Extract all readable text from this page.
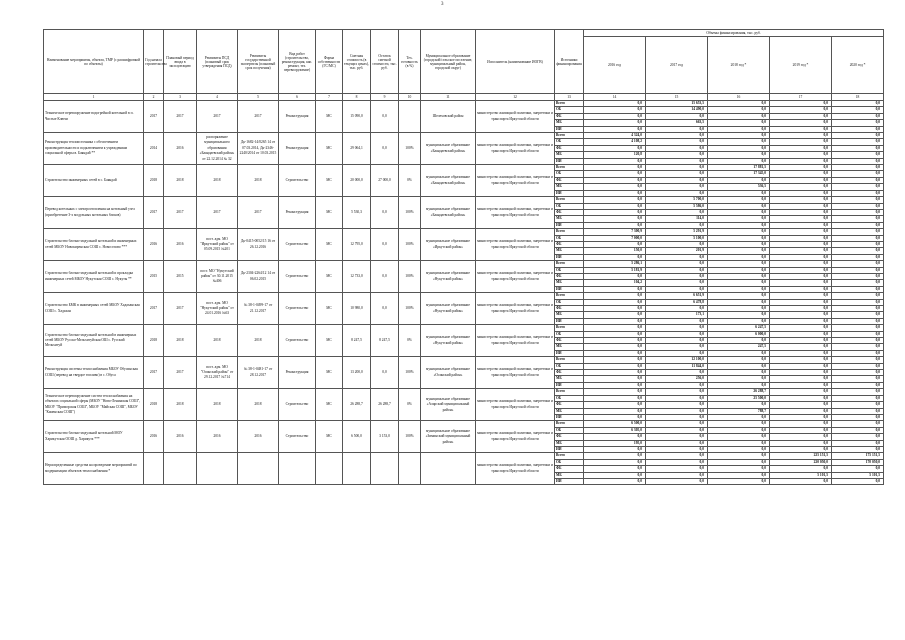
3
Наименование мероприятия, объекта, ТМР (с расшифровкой по объекты)	Год начала строительства	Плановый период ввода в эксплуатацию	Реквизиты ПСД (плановый срок утверждения ПСД)	Реквизиты государственной экспертизы (плановый срок получения)	Вид работ (строительство, реконструкция, кап. ремонт, тех. перевооружение)	Форма собственности (ГС/МС)	Сметная стоимость (в текущих ценах), тыс. руб.	Остаток сметной стоимости, тыс. руб.	Тех. готовность (в %)	Муниципальное образование (городской/сельское поселение, муниципальный район, городской округ)	Исполнитель (наименование ИОГВ)	Источники финансирования	Объемы финансирования, тыс. руб.				
													2016 год	2017 год	2018 год *	2019 год *	2020 год *
1	2	3	4	5	6	7	8	9	10	11	12	13	14	15	16	17	18
Техническое перевооружение водогрейной котельной в п. Чистые Ключи	2017	2017	2017	2017	Реконструкция	МС	15 090,0	0,0		Шелеховский район	министерство жилищной политики, энергетики и транспорта Иркутской области	Всего	0,0	15 653,5	0,0	0,0	0,0
												ОБ	0,0	14 490,0	0,0	0,0	0,0
												ФБ	0,0	0,0	0,0	0,0	0,0
												МБ	0,0	663,5	0,0	0,0	0,0
												ИИ	0,0	0,0	0,0	0,0	0,0
Реконструкция теплоисточника с обеспечением производительности и подключением к учреждениям социальной сферы в. Баяндай **	2014	2016	распоряжение муниципального образования «Баяндаевский район» от 22.12.2014 № 32	Дк-1682-14/0265 14 от 07.03.2014, Дк-2346-2240/2014 от 10.03.2015	Реконструкция	МС	29 064,1	0,0	100%	муниципальное образование «Баяндаевский район»	министерство жилищной политики, энергетики и транспорта Иркутской области	Всего	4 324,0	0,0	0,0	0,0	0,0
												ОБ	4 108,2	0,0	0,0	0,0	0,0
												ФБ	0,0	0,0	0,0	0,0	0,0
												МБ	120,8	0,0	0,0	0,0	0,0
												ИИ	0,0	0,0	0,0	0,0	0,0
Строительство инженерных сетей в с. Баяндай	2018	2018	2018	2018	Строительство	МС	20 000,0	27 000,0	0%	муниципальное образование «Баяндаевский район»	министерство жилищной политики, энергетики и транспорта Иркутской области	Всего	0,0	0,0	17 881,5	0,0	0,0
												ОБ	0,0	0,0	17 345,0	0,0	0,0
												ФБ	0,0	0,0	0,0	0,0	0,0
												МБ	0,0	0,0	536,5	0,0	0,0
												ИИ	0,0	0,0	0,0	0,0	0,0
Перевод котельных с электроотопления на котельный узел (приобретение 3-х модульных котельных блоков)	2017	2017	2017	2017	Реконструкция	МС	5 530,3	0,0	100%	муниципальное образование «Баяндаевский район»	министерство жилищной политики, энергетики и транспорта Иркутской области	Всего	0,0	5 700,0	0,0	0,0	0,0
												ОБ	0,0	5 586,0	0,0	0,0	0,0
												ФБ	0,0	0,0	0,0	0,0	0,0
												МБ	0,0	114,0	0,0	0,0	0,0
												ИИ	0,0	0,0	0,0	0,0	0,0
Строительство блочно-модульной котельной и инженерных сетей МБОУ Новокиренская СОШ с. Новоселово ***	2016	2016	пост. адм. МО "Иркутский район" от 05.09.2015 №201	Дк-0415-0052/15 16 от 26.12.2016	Строительство	МС	12 795,0	0,0	100%	муниципальное образование «Иркутский район»	министерство жилищной политики, энергетики и транспорта Иркутской области	Всего	7 300,9	5 291,9	0,0	0,0	0,0
												ОБ	7 000,0	5 100,0	0,0	0,0	0,0
												ФБ	0,0	0,0	0,0	0,0	0,0
												МБ	150,0	201,9	0,0	0,0	0,0
												ИИ	0,0	0,0	0,0	0,0	0,0
Строительство блочно-модульной котельной и прокладка инженерных сетей МБОУ Нукутская СОШ с. Нукуты **	2015	2015	пост. МО "Нукутский район" от 30.11.2015 №406	Дк-2304-2264/12 14 от 06.02.2015	Строительство	МС	12 733,0	0,0	100%	муниципальное образование «Нукутский район»	министерство жилищной политики, энергетики и транспорта Иркутской области	Всего	5 286,1	0,0	0,0	0,0	0,0
												ОБ	5 181,9	0,0	0,0	0,0	0,0
												ФБ	0,0	0,0	0,0	0,0	0,0
												МБ	104,2	0,0	0,0	0,0	0,0
												ИИ	0,0	0,0	0,0	0,0	0,0
Строительство БМК в инженерных сетей МБОУ Хадаханская СОШ с. Хадахан	2017	2017	пост. адм. МО "Нукутский район" от 24.01.2016 №63	№ 38-1-0499-17 от 21.12.2017	Строительство	МС	10 980,0	0,0	100%	муниципальное образование «Нукутский район»	министерство жилищной политики, энергетики и транспорта Иркутской области	Всего	0,0	6 651,9	0,0	0,0	0,0
												ОБ	0,0	6 478,8	0,0	0,0	0,0
												ФБ	0,0	0,0	0,0	0,0	0,0
												МБ	0,0	173,1	0,0	0,0	0,0
												ИИ	0,0	0,0	0,0	0,0	0,0
Строительство блочно-модульной котельной в инженерных сетей МБОУ Русско-Мельхитуйская ОШ с. Русский Мельхитуй	2018	2018	2018	2018	Строительство	МС	8 247,5	8 247,5	0%	муниципальное образование «Нукутский район»	министерство жилищной политики, энергетики и транспорта Иркутской области	Всего	0,0	0,0	6 247,5	0,0	0,0
												ОБ	0,0	0,0	6 000,0	0,0	0,0
												ФБ	0,0	0,0	0,0	0,0	0,0
												МБ	0,0	0,0	247,5	0,0	0,0
												ИИ	0,0	0,0	0,0	0,0	0,0
Реконструкция системы теплоснабжения МБОУ Обусинская СОШ (перевод на твердое топливо) в с. Обуса	2017	2017	пост. адм. МО "Осинский район" от 29.12.2017 №714	№ 38-1-0481-17 от 28.12.2017	Реконструкция	МС	13 200,0	0,0	100%	муниципальное образование «Осинский район»	министерство жилищной политики, энергетики и транспорта Иркутской области	Всего	0,0	12 100,0	0,0	0,0	0,0
												ОБ	0,0	11 844,0	0,0	0,0	0,0
												ФБ	0,0	0,0	0,0	0,0	0,0
												МБ	0,0	256,0	0,0	0,0	0,0
												ИИ	0,0	0,0	0,0	0,0	0,0
Техническое перевооружение систем теплоснабжения на объектах социальной сферы (МБОУ "Ново-Ленинская СОШ", МБОУ "Приморская СОШ", МБОУ "Майская СОШ", МБОУ "Каменская СОШ")	2018	2018	2018	2018	Строительство	МС	26 288,7	26 288,7	0%	муниципальное образование «Аларский муниципальный район»	министерство жилищной политики, энергетики и транспорта Иркутской области	Всего	0,0	0,0	26 288,7	0,0	0,0
												ОБ	0,0	0,0	25 500,0	0,0	0,0
												ФБ	0,0	0,0	0,0	0,0	0,0
												МБ	0,0	0,0	788,7	0,0	0,0
												ИИ	0,0	0,0	0,0	0,0	0,0
Строительство блочно-модульной котельной МОУ Харикутская ООШ д. Харикута ***	2016	2016	2016	2016	Строительство	МС	6 500,0	3 153,0	100%	муниципальное образование «Зиминский муниципальный район»	министерство жилищной политики, энергетики и транспорта Иркутской области	Всего	6 500,0	0,0	0,0	0,0	0,0
												ОБ	6 305,0	0,0	0,0	0,0	0,0
												ФБ	0,0	0,0	0,0	0,0	0,0
												МБ	195,0	0,0	0,0	0,0	0,0
												ИИ	0,0	0,0	0,0	0,0	0,0
Нераспределенные средства на проведение мероприятий по модернизации объектов теплоснабжения *											министерство жилищной политики, энергетики и транспорта Иркутской области	Всего	0,0	0,0	0,0	225 151,5	175 151,5
												ОБ	0,0	0,0	0,0	220 050,0	170 050,0
												ФБ	0,0	0,0	0,0	0,0	0,0
												МБ	0,0	0,0	0,0	5 101,5	5 101,5
												ИИ	0,0	0,0	0,0	0,0	0,0
